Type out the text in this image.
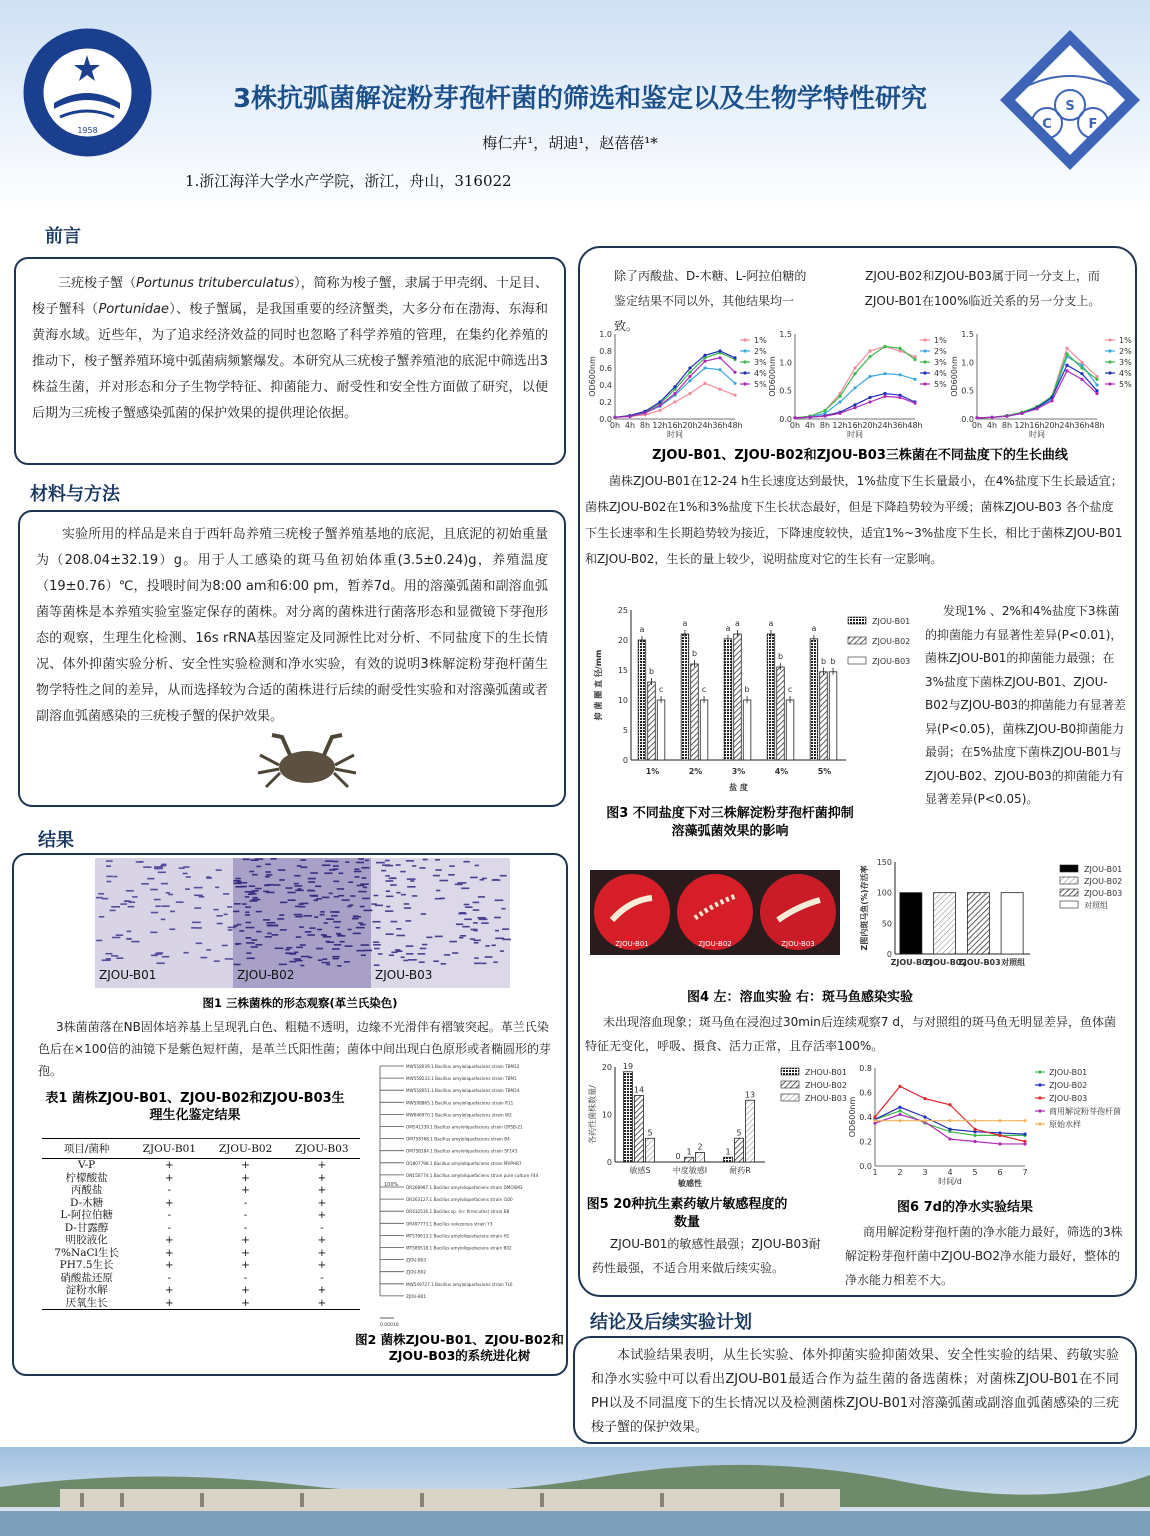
1958	C
S
F
3株抗弧菌解淀粉芽孢杆菌的筛选和鉴定以及生物学特性研究
梅仁卉¹，胡迪¹，赵蓓蓓¹*
1.浙江海洋大学水产学院，浙江，舟山，316022
前言

三疣梭子蟹（Portunus trituberculatus），简称为梭子蟹，隶属于甲壳纲、十足目、梭子蟹科（Portunidae）、梭子蟹属，是我国重要的经济蟹类，大多分布在渤海、东海和黄海水域。近些年，为了追求经济效益的同时也忽略了科学养殖的管理，在集约化养殖的推动下，梭子蟹养殖环境中弧菌病频繁爆发。本研究从三疣梭子蟹养殖池的底泥中筛选出3株益生菌，并对形态和分子生物学特征、抑菌能力、耐受性和安全性方面做了研究，以便后期为三疣梭子蟹感染弧菌的保护效果的提供理论依据。

材料与方法

实验所用的样品是来自于西轩岛养殖三疣梭子蟹养殖基地的底泥，且底泥的初始重量为（208.04±32.19）g。用于人工感染的斑马鱼初始体重(3.5±0.24)g，养殖温度（19±0.76）℃，投喂时间为8:00 am和6:00 pm，暂养7d。用的溶藻弧菌和副溶血弧菌等菌株是本养殖实验室鉴定保存的菌株。对分离的菌株进行菌落形态和显微镜下芽孢形态的观察，生理生化检测、16s rRNA基因鉴定及同源性比对分析、不同盐度下的生长情况、体外抑菌实验分析、安全性实验检测和净水实验，有效的说明3株解淀粉芽孢杆菌生物学特性之间的差异，从而选择较为合适的菌株进行后续的耐受性实验和对溶藻弧菌或者副溶血弧菌感染的三疣梭子蟹的保护效果。

结果
ZJOU-B01	ZJOU-B02	ZJOU-B03
图1 三株菌株的形态观察(革兰氏染色)

3株菌菌落在NB固体培养基上呈现乳白色、粗糙不透明，边缘不光滑伴有褶皱突起。革兰氏染色后在×100倍的油镜下是紫色短杆菌，是革兰氏阳性菌；菌体中间出现白色原形或者椭圆形的芽孢。

表1 菌株ZJOU-B01、ZJOU-B02和ZJOU-B03生理生化鉴定结果
项目/菌种	ZJOU-B01	ZJOU-B02	ZJOU-B03
V-P	+	+	+
柠檬酸盐	+	+	+
丙酸盐	-	+	+
D-木糖	+	-	+
L-阿拉伯糖	-	-	+
D-甘露醇	-	-	-
明胶液化	+	+	+
7%NaCl生长	+	+	+
PH7.5生长	+	+	+
硝酸盐还原	-	-	-
淀粉水解	+	+	+
厌氧生长	+	+	+
MW558039.1 Bacillus amyloliquefaciens strain TBM12
MW558233.1 Bacillus amyloliquefaciens strain TBM1
MW558051.1 Bacillus amyloliquefaciens strain TBM24
MW598865.1 Bacillus amyloliquefaciens strain R11
MW646970.1 Bacillus amyloliquefaciens strain W2
OM541339.1 Bacillus amyloliquefaciens strain GRSB-21
OM758768.1 Bacillus amyloliquefaciens strain B4
OM758184.1 Bacillus amyloliquefaciens strain SF143
OQ807798.1 Bacillus amyloliquefaciens strain MVPHB7
ON150774.1 Bacillus amyloliquefaciens strain pure culture F44
OR268987.1 Bacillus amyloliquefaciens strain DMOSM3
OR263127.1 Bacillus amyloliquefaciens strain I100
OR432536.1 Bacillus sp. (in: firmicutes) strain B8
OR497773.1 Bacillus velezensis strain Y3
MT579613.1 Bacillus amyloliquefaciens strain H1
MT589518.1 Bacillus amyloliquefaciens strain B02
ZJOU-B03
ZJOU-B02
MW549727.1 Bacillus amyloliquefaciens strain TL6
ZJOU-B01
100%
0.00010
图2 菌株ZJOU-B01、ZJOU-B02和ZJOU-B03的系统进化树

除了丙酸盐、D-木糖、L-阿拉伯糖的鉴定结果不同以外，其他结果均一致。

ZJOU-B02和ZJOU-B03属于同一分支上，而ZJOU-B01在100%临近关系的另一分支上。

0.0
0.2
0.4
0.6
0.8
1.0
0h 4h 8h 12h 16h 20h 24h 36h 48h
时间
OD600nm
1%
2%
3%
4%
5%
0.0
0.5
1.0
1.5
0h 4h 8h 12h 16h 20h 24h 36h 48h
时间
OD600nm
1%
2%
3%
4%
5%
0.0
0.5
1.0
1.5
0h 4h 8h 12h 16h 20h 24h 36h 48h
时间
OD600nm
1%
2%
3%
4%
5%
ZJOU-B01、ZJOU-B02和ZJOU-B03三株菌在不同盐度下的生长曲线

菌株ZJOU-B01在12-24 h生长速度达到最快，1%盐度下生长量最小，在4%盐度下生长最适宜；菌株ZJOU-B02在1%和3%盐度下生长状态最好，但是下降趋势较为平缓；菌株ZJOU-B03 各个盐度下生长速率和生长期趋势较为接近，下降速度较快，适宜1%~3%盐度下生长，相比于菌株ZJOU-B01和ZJOU-B02，生长的量上较少，说明盐度对它的生长有一定影响。

0
5
10
15
20
25
1%
a
b
c
2%
a
b
c
3%
a
a
b
4%
a
b
c
5%
a
b b
盐 度
抑 菌 圈 直 径/mm
ZJOU-B01
ZJOU-B02
ZJOU-B03

发现1% 、2%和4%盐度下3株菌的抑菌能力有显著性差异(P<0.01)，菌株ZJOU-B01的抑菌能力最强；在3%盐度下菌株ZJOU-B01、ZJOU-B02与ZJOU-B03的抑菌能力有显著差异(P<0.05)，菌株ZJOU-B0抑菌能力最弱；在5%盐度下菌株ZJOU-B01与ZJOU-B02、ZJOU-B03的抑菌能力有显著差异(P<0.05)。

图3 不同盐度下对三株解淀粉芽孢杆菌抑制溶藻弧菌效果的影响
ZJOU-B01	ZJOU-B02	ZJOU-B03
0
50
100
150
ZJOU-B01
ZJOU-B02
ZJOU-B03 对照组
Z图内斑马鱼(%)存活率	ZJOU-B01
ZJOU-B02
ZJOU-B03
对照组
图4 左：溶血实验 右：斑马鱼感染实验

未出现溶血现象；斑马鱼在浸泡过30min后连续观察7 d，与对照组的斑马鱼无明显差异，鱼体菌特征无变化，呼吸、摄食、活力正常，且存活率100%。

0
10
20
敏感S
19
14
5
中度敏感I
0
1
2
耐药R
1
5
13
敏感性
各药性菌株数量/
ZHOU-B01
ZHOU-B02
ZHOU-B03
图5 20种抗生素药敏片敏感程度的数量

ZJOU-B01的敏感性最强；ZJOU-B03耐药性最强，不适合用来做后续实验。

0.0
0.2
0.4
0.6
0.8
1 2 3 4 5 6 7
时间/d
OD600nm
ZJOU-B01
ZJOU-B02
ZJOU-B03
商用解淀粉芽孢杆菌
原始水样
图6 7d的净水实验结果

商用解淀粉芽孢杆菌的净水能力最好，筛选的3株解淀粉芽孢杆菌中ZJOU-BO2净水能力最好，整体的净水能力相差不大。

结论及后续实验计划

本试验结果表明，从生长实验、体外抑菌实验抑菌效果、安全性实验的结果、药敏实验和净水实验中可以看出ZJOU-B01最适合作为益生菌的备选菌株；对菌株ZJOU-B01在不同PH以及不同温度下的生长情况以及检测菌株ZJOU-B01对溶藻弧菌或副溶血弧菌感染的三疣梭子蟹的保护效果。
